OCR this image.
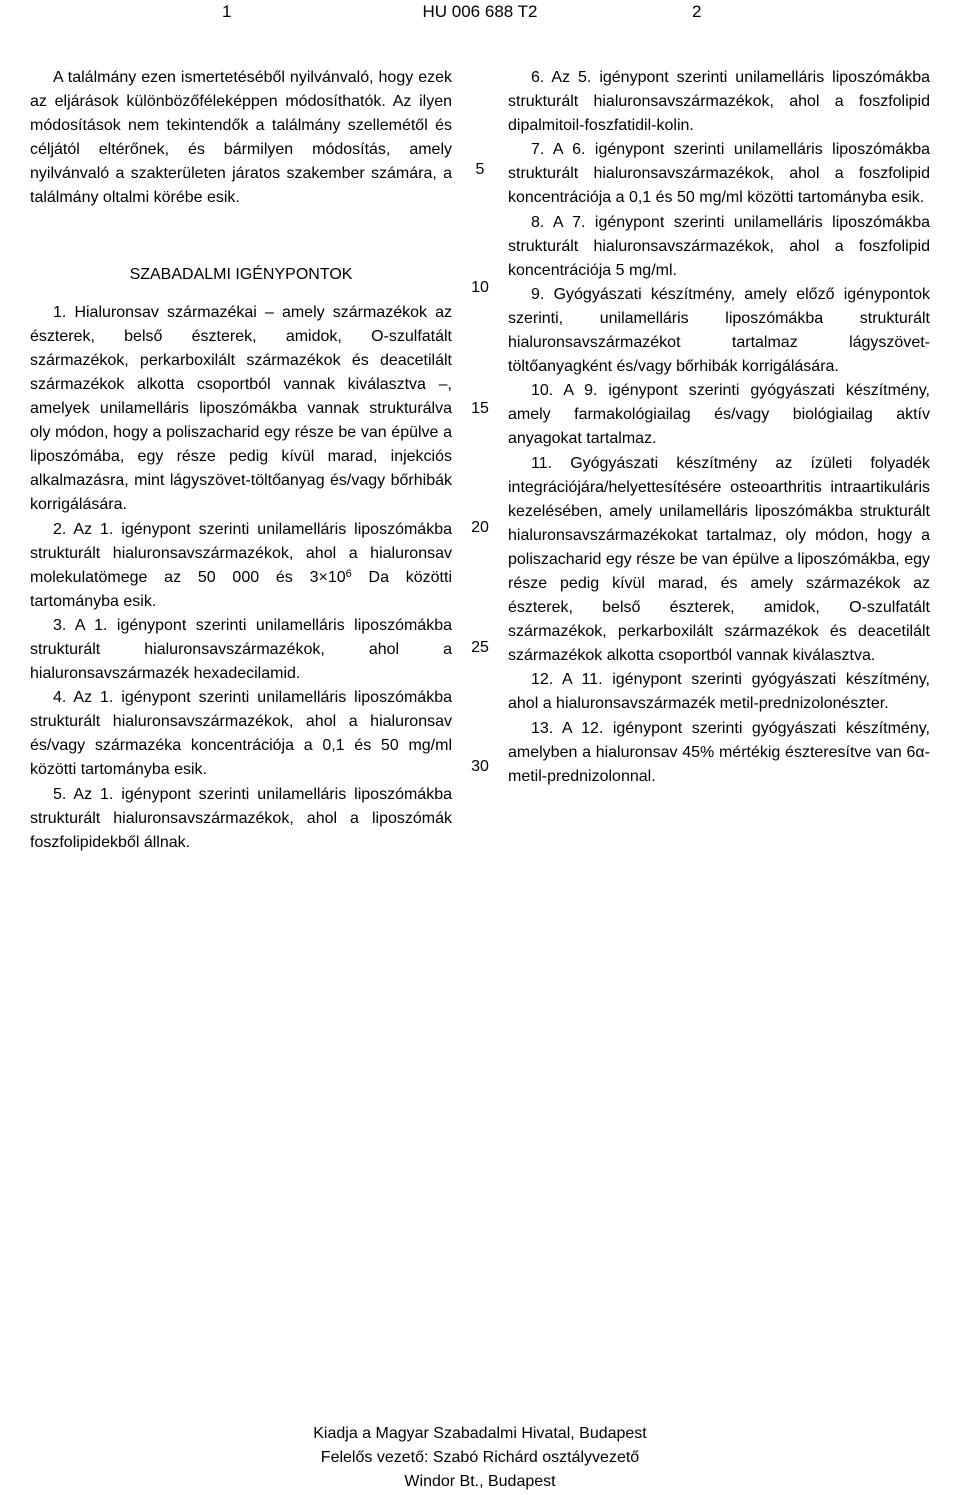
1	HU 006 688 T2	2

A találmány ezen ismertetéséből nyilvánvaló, hogy ezek az eljárások különbözőféleképpen módosíthatók. Az ilyen módosítások nem tekintendők a találmány szellemétől és céljától eltérőnek, és bármilyen módosítás, amely nyilvánvaló a szakterületen járatos szakember számára, a találmány oltalmi körébe esik.

SZABADALMI IGÉNYPONTOK

1. Hialuronsav származékai – amely származékok az észterek, belső észterek, amidok, O-szulfatált származékok, perkarboxilált származékok és deacetilált származékok alkotta csoportból vannak kiválasztva –, amelyek unilamelláris liposzómákba vannak strukturálva oly módon, hogy a poliszacharid egy része be van épülve a liposzómába, egy része pedig kívül marad, injekciós alkalmazásra, mint lágyszövet-töltőanyag és/vagy bőrhibák korrigálására.

2. Az 1. igénypont szerinti unilamelláris liposzómákba strukturált hialuronsavszármazékok, ahol a hialuronsav molekulatömege az 50 000 és $3\times 10^6$ Da közötti tartományba esik.

3. A 1. igénypont szerinti unilamelláris liposzómákba strukturált hialuronsavszármazékok, ahol a hialuronsavszármazék hexadecilamid.

4. Az 1. igénypont szerinti unilamelláris liposzómákba strukturált hialuronsavszármazékok, ahol a hialuronsav és/vagy származéka koncentrációja a 0,1 és 50 mg/ml közötti tartományba esik.

5. Az 1. igénypont szerinti unilamelláris liposzómákba strukturált hialuronsavszármazékok, ahol a liposzómák foszfolipidekből állnak.

5
10
15
20
25
30

6. Az 5. igénypont szerinti unilamelláris liposzómákba strukturált hialuronsavszármazékok, ahol a foszfolipid dipalmitoil-foszfatidil-kolin.

7. A 6. igénypont szerinti unilamelláris liposzómákba strukturált hialuronsavszármazékok, ahol a foszfolipid koncentrációja a 0,1 és 50 mg/ml közötti tartományba esik.

8. A 7. igénypont szerinti unilamelláris liposzómákba strukturált hialuronsavszármazékok, ahol a foszfolipid koncentrációja 5 mg/ml.

9. Gyógyászati készítmény, amely előző igénypontok szerinti, unilamelláris liposzómákba strukturált hialuronsavszármazékot tartalmaz lágyszövet-töltőanyagként és/vagy bőrhibák korrigálására.

10. A 9. igénypont szerinti gyógyászati készítmény, amely farmakológiailag és/vagy biológiailag aktív anyagokat tartalmaz.

11. Gyógyászati készítmény az ízületi folyadék integrációjára/helyettesítésére osteoarthritis intraartikuláris kezelésében, amely unilamelláris liposzómákba strukturált hialuronsavszármazékokat tartalmaz, oly módon, hogy a poliszacharid egy része be van épülve a liposzómákba, egy része pedig kívül marad, és amely származékok az észterek, belső észterek, amidok, O-szulfatált származékok, perkarboxilált származékok és deacetilált származékok alkotta csoportból vannak kiválasztva.

12. A 11. igénypont szerinti gyógyászati készítmény, ahol a hialuronsavszármazék metil-prednizolonészter.

13. A 12. igénypont szerinti gyógyászati készítmény, amelyben a hialuronsav 45% mértékig észteresítve van 6α-metil-prednizolonnal.

Kiadja a Magyar Szabadalmi Hivatal, Budapest
Felelős vezető: Szabó Richárd osztályvezető
Windor Bt., Budapest
